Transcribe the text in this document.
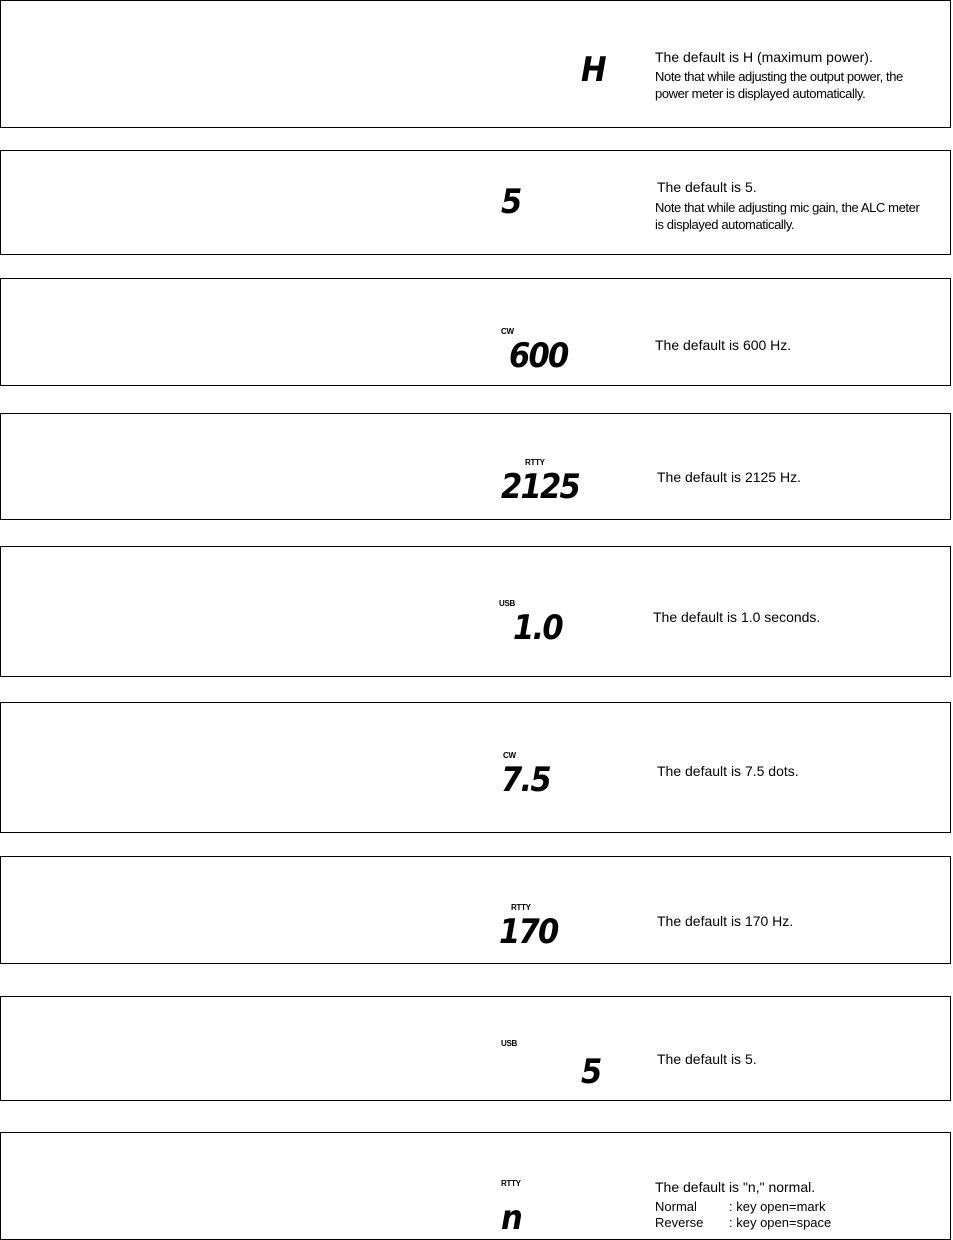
H	The default is H (maximum power).
Note that while adjusting the output power, the power meter is displayed automatically.
5	The default is 5.
Note that while adjusting mic gain, the ALC meter is displayed automatically.
CW
600	The default is 600 Hz.
RTTY
2125	The default is 2125 Hz.
USB
1.0	The default is 1.0 seconds.
CW
7.5	The default is 7.5 dots.
RTTY
170	The default is 170 Hz.
USB
5	The default is 5.
RTTY
n
The default is "n," normal.
Normal : key open=mark
Reverse : key open=space
